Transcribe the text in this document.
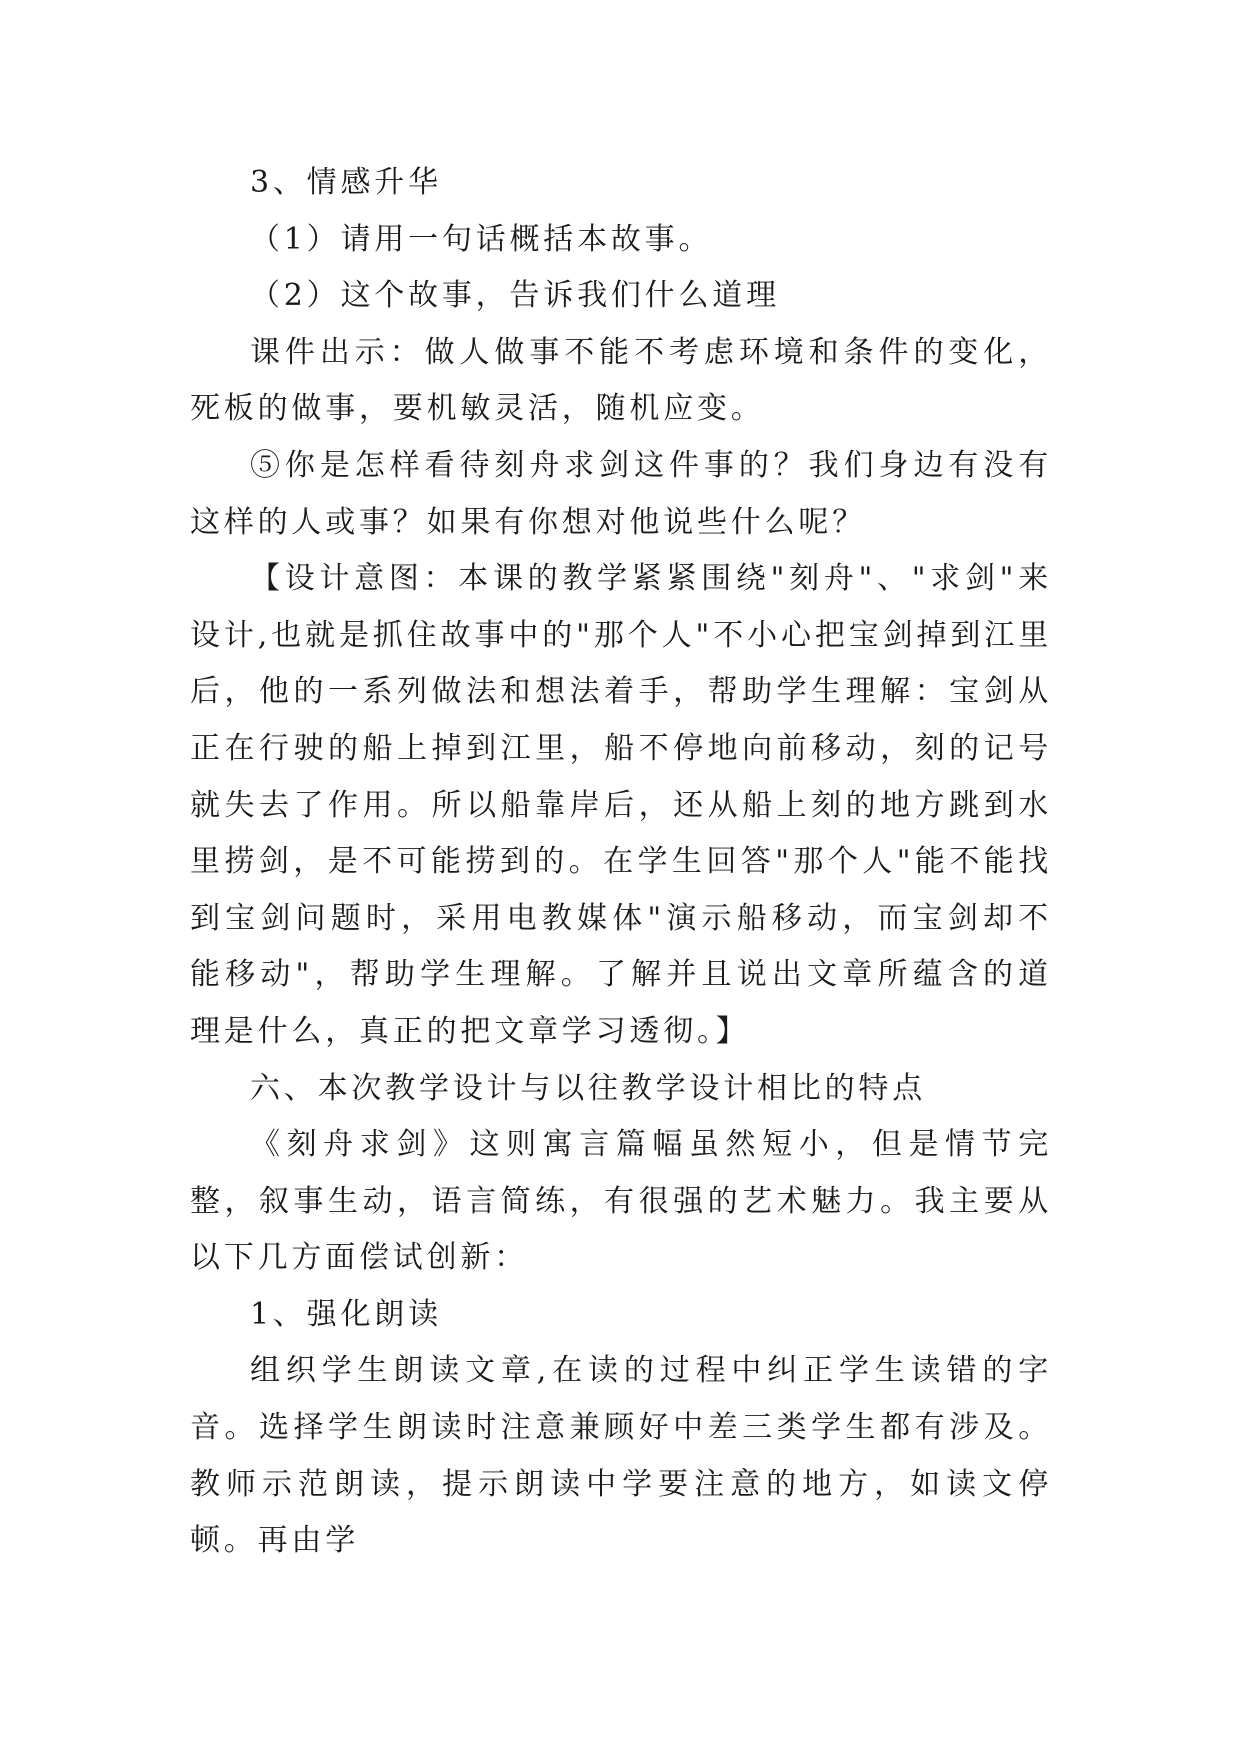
3、情感升华

（1）请用一句话概括本故事。

（2）这个故事，告诉我们什么道理

课件出示：做人做事不能不考虑环境和条件的变化，死板的做事，要机敏灵活，随机应变。

⑤你是怎样看待刻舟求剑这件事的？我们身边有没有这样的人或事？如果有你想对他说些什么呢？

【设计意图：本课的教学紧紧围绕"刻舟"、"求剑"来设计,也就是抓住故事中的"那个人"不小心把宝剑掉到江里后，他的一系列做法和想法着手，帮助学生理解：宝剑从正在行驶的船上掉到江里，船不停地向前移动，刻的记号就失去了作用。所以船靠岸后，还从船上刻的地方跳到水里捞剑，是不可能捞到的。在学生回答"那个人"能不能找到宝剑问题时，采用电教媒体"演示船移动，而宝剑却不能移动"，帮助学生理解。了解并且说出文章所蕴含的道理是什么，真正的把文章学习透彻。】

六、本次教学设计与以往教学设计相比的特点

《刻舟求剑》这则寓言篇幅虽然短小，但是情节完整，叙事生动，语言简练，有很强的艺术魅力。我主要从以下几方面偿试创新：

1、强化朗读

组织学生朗读文章,在读的过程中纠正学生读错的字音。选择学生朗读时注意兼顾好中差三类学生都有涉及。教师示范朗读，提示朗读中学要注意的地方，如读文停顿。再由学
